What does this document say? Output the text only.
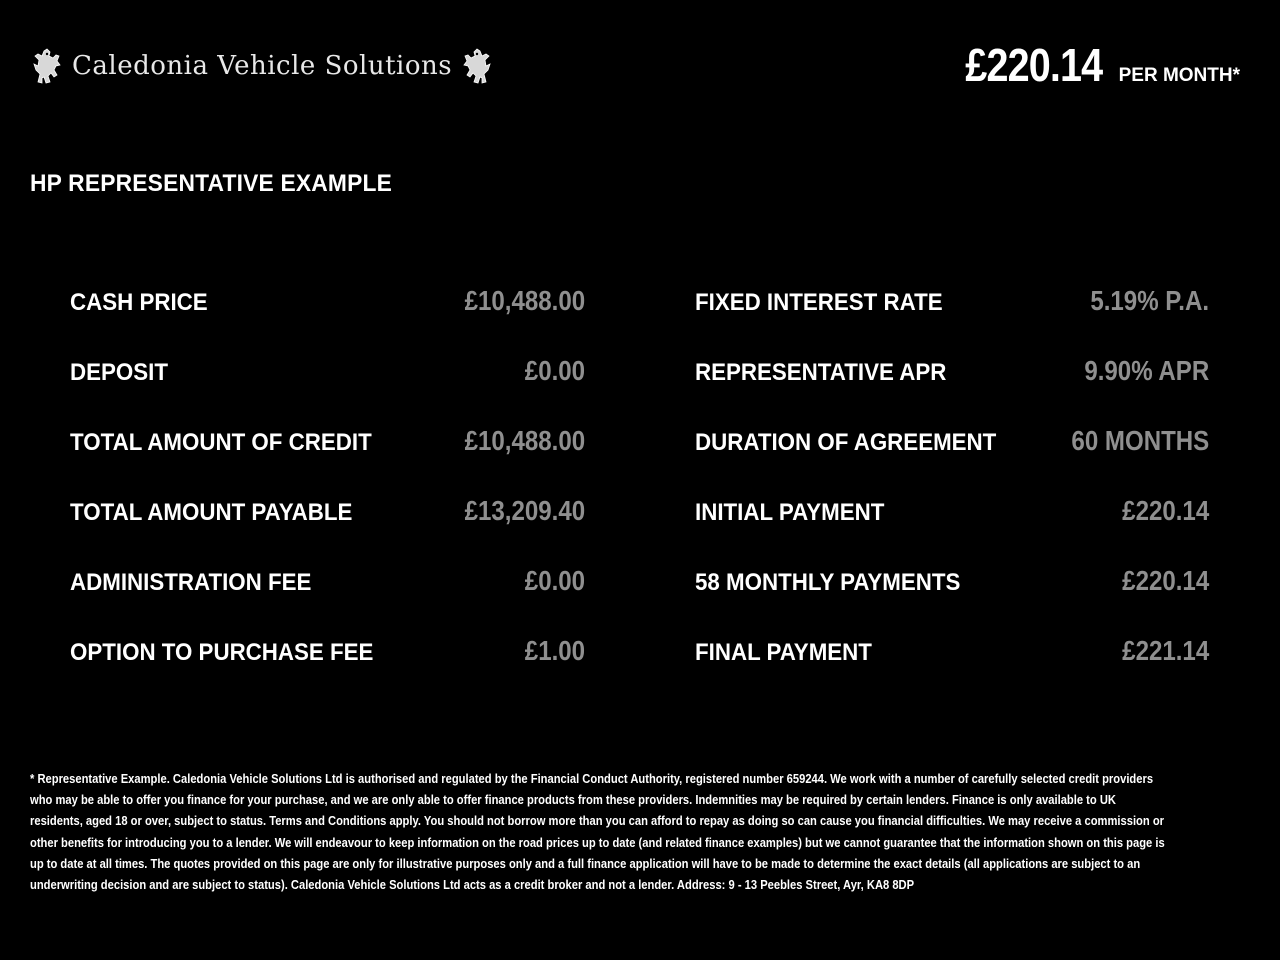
Caledonia Vehicle Solutions	£220.14 PER MONTH*
HP REPRESENTATIVE EXAMPLE
CASH PRICE	£10,488.00
DEPOSIT	£0.00
TOTAL AMOUNT OF CREDIT	£10,488.00
TOTAL AMOUNT PAYABLE	£13,209.40
ADMINISTRATION FEE	£0.00
OPTION TO PURCHASE FEE	£1.00
FIXED INTEREST RATE	5.19% P.A.
REPRESENTATIVE APR	9.90% APR
DURATION OF AGREEMENT	60 MONTHS
INITIAL PAYMENT	£220.14
58 MONTHLY PAYMENTS	£220.14
FINAL PAYMENT	£221.14
* Representative Example. Caledonia Vehicle Solutions Ltd is authorised and regulated by the Financial Conduct Authority, registered number 659244. We work with a number of carefully selected credit providers who may be able to offer you finance for your purchase, and we are only able to offer finance products from these providers. Indemnities may be required by certain lenders. Finance is only available to UK residents, aged 18 or over, subject to status. Terms and Conditions apply. You should not borrow more than you can afford to repay as doing so can cause you financial difficulties. We may receive a commission or other benefits for introducing you to a lender. We will endeavour to keep information on the road prices up to date (and related finance examples) but we cannot guarantee that the information shown on this page is up to date at all times. The quotes provided on this page are only for illustrative purposes only and a full finance application will have to be made to determine the exact details (all applications are subject to an underwriting decision and are subject to status). Caledonia Vehicle Solutions Ltd acts as a credit broker and not a lender. Address: 9 - 13 Peebles Street, Ayr, KA8 8DP
